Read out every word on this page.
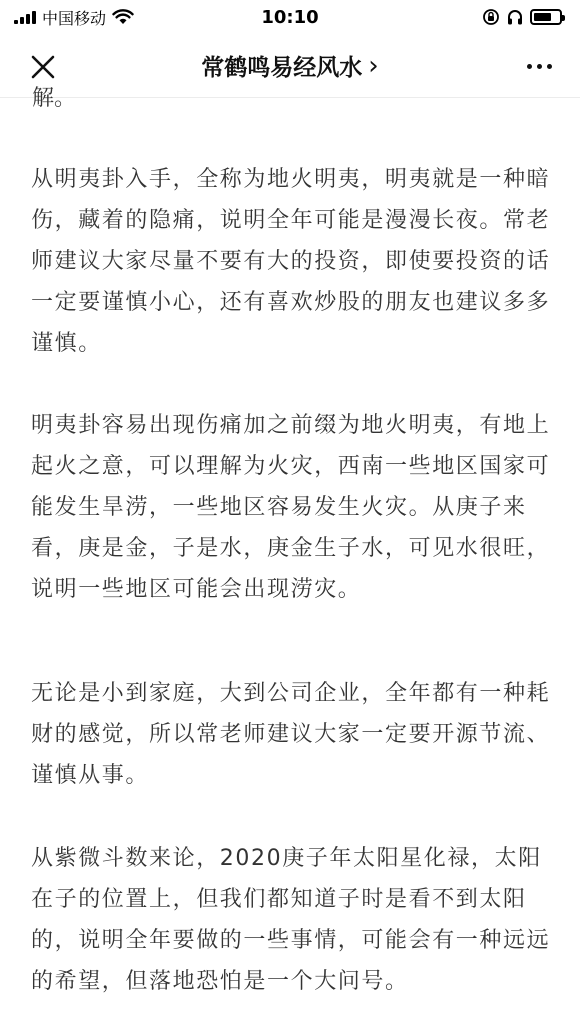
中国移动	10:10
常鹤鸣易经风水 ›
解。

从明夷卦入手，全称为地火明夷，明夷就是一种暗伤，藏着的隐痛，说明全年可能是漫漫长夜。常老师建议大家尽量不要有大的投资，即使要投资的话一定要谨慎小心，还有喜欢炒股的朋友也建议多多谨慎。

明夷卦容易出现伤痛加之前缀为地火明夷，有地上起火之意，可以理解为火灾，西南一些地区国家可能发生旱涝，一些地区容易发生火灾。从庚子来看，庚是金，子是水，庚金生子水，可见水很旺，说明一些地区可能会出现涝灾。

无论是小到家庭，大到公司企业，全年都有一种耗财的感觉，所以常老师建议大家一定要开源节流、谨慎从事。

从紫微斗数来论，2020庚子年太阳星化禄，太阳在子的位置上，但我们都知道子时是看不到太阳的，说明全年要做的一些事情，可能会有一种远远的希望，但落地恐怕是一个大问号。
